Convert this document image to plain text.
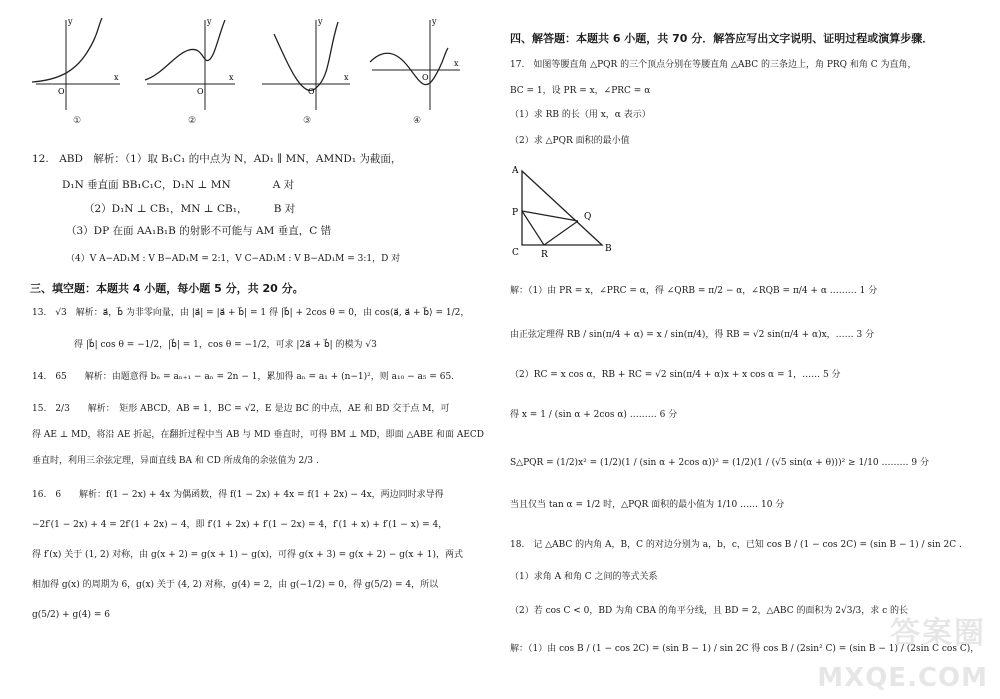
O
x
y
①
O
x
y
②
O
x
y
③
O
x
y
④
12.　ABD　解析：（1）取 B₁C₁ 的中点为 N，AD₁ ∥ MN，AMND₁ 为截面，
D₁N 垂直面 BB₁C₁C，D₁N ⊥ MN　　　　A 对
（2）D₁N ⊥ CB₁，MN ⊥ CB₁，　　　B 对
（3）DP 在面 AA₁B₁B 的射影不可能与 AM 垂直，C 错
（4）V A−AD₁M : V B−AD₁M = 2:1，V C−AD₁M : V B−AD₁M = 3:1，D 对
三、填空题：本题共 4 小题，每小题 5 分，共 20 分。
13.　√3　解析：a⃗，b⃗ 为非零向量，由 |a⃗| = |a⃗ + b⃗| = 1 得 |b⃗| + 2cos θ = 0，由 cos⟨a⃗, a⃗ + b⃗⟩ = 1/2，
得 |b⃗| cos θ = −1/2，|b⃗| = 1，cos θ = −1/2，可求 |2a⃗ + b⃗| 的模为 √3
14.　65　　解析：由题意得 bₙ = aₙ₊₁ − aₙ = 2n − 1，累加得 aₙ = a₁ + (n−1)²，则 a₁₀ − a₅ = 65.
15.　2/3　　解析：　矩形 ABCD，AB = 1，BC = √2，E 是边 BC 的中点，AE 和 BD 交于点 M，可
得 AE ⊥ MD，将沿 AE 折起，在翻折过程中当 AB 与 MD 垂直时，可得 BM ⊥ MD，即面 △ABE 和面 AECD
垂直时，利用三余弦定理，异面直线 BA 和 CD 所成角的余弦值为 2/3 .
16.　6　　解析：f(1 − 2x) + 4x 为偶函数，得 f(1 − 2x) + 4x = f(1 + 2x) − 4x，两边同时求导得
−2f′(1 − 2x) + 4 = 2f′(1 + 2x) − 4，即 f′(1 + 2x) + f′(1 − 2x) = 4，f′(1 + x) + f′(1 − x) = 4，
得 f′(x) 关于 (1, 2) 对称，由 g(x + 2) = g(x + 1) − g(x)，可得 g(x + 3) = g(x + 2) − g(x + 1)，两式
相加得 g(x) 的周期为 6，g(x) 关于 (4, 2) 对称，g(4) = 2，由 g(−1/2) = 0，得 g(5/2) = 4，所以
g(5/2) + g(4) = 6
四、解答题：本题共 6 小题，共 70 分．解答应写出文字说明、证明过程或演算步骤．
17.　如图等腰直角 △PQR 的三个顶点分别在等腰直角 △ABC 的三条边上，角 PRQ 和角 C 为直角，
BC = 1，设 PR = x，∠PRC = α
（1）求 RB 的长（用 x，α 表示）
（2）求 △PQR 面积的最小值
解：（1）由 PR = x，∠PRC = α，得 ∠QRB = π/2 − α，∠RQB = π/4 + α ……… 1 分
由正弦定理得 RB / sin(π/4 + α) = x / sin(π/4)，得 RB = √2 sin(π/4 + α)x，…… 3 分
（2）RC = x cos α，RB + RC = √2 sin(π/4 + α)x + x cos α = 1，…… 5 分
得 x = 1 / (sin α + 2cos α) ……… 6 分
S△PQR = (1/2)x² = (1/2)(1 / (sin α + 2cos α))² = (1/2)(1 / (√5 sin(α + θ)))² ≥ 1/10 ……… 9 分
当且仅当 tan α = 1/2 时，△PQR 面积的最小值为 1/10 …… 10 分
18.　记 △ABC 的内角 A，B，C 的对边分别为 a，b，c，已知 cos B / (1 − cos 2C) = (sin B − 1) / sin 2C .
（1）求角 A 和角 C 之间的等式关系
（2）若 cos C < 0，BD 为角 CBA 的角平分线，且 BD = 2，△ABC 的面积为 2√3/3，求 c 的长
解：（1）由 cos B / (1 − cos 2C) = (sin B − 1) / sin 2C 得 cos B / (2sin² C) = (sin B − 1) / (2sin C cos C)，
A
P	Q
C R
B
答案圈
MXQE.COM
